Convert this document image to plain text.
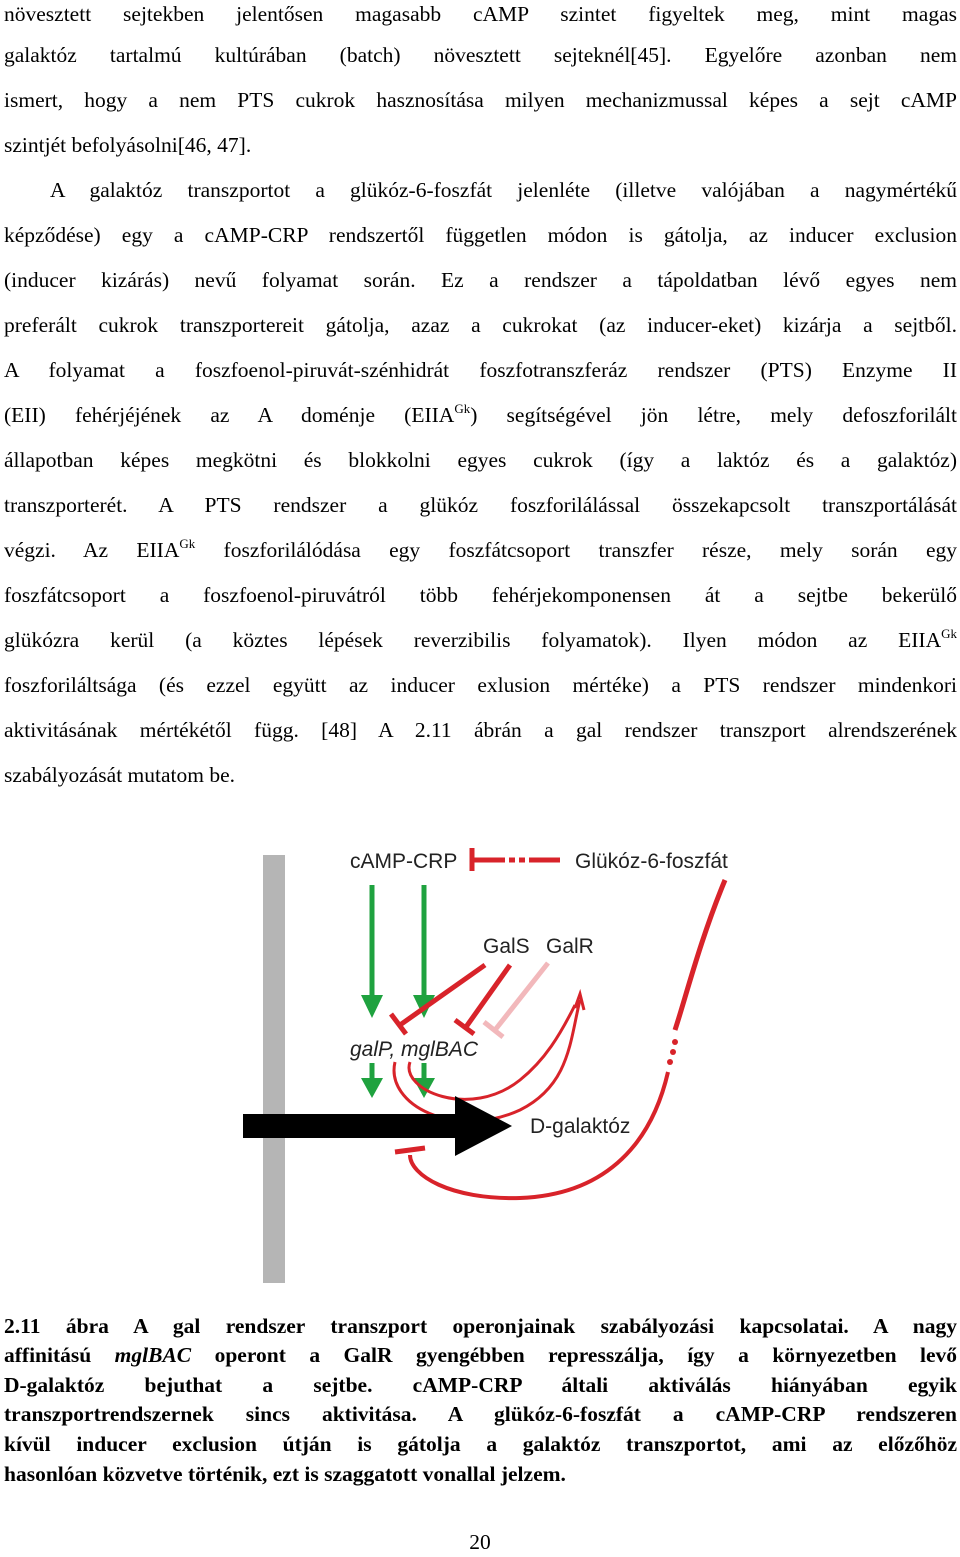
növesztett sejtekben jelentősen magasabb cAMP szintet figyeltek meg, mint magas
galaktóz tartalmú kultúrában (batch) növesztett sejteknél[45]. Egyelőre azonban nem
ismert, hogy a nem PTS cukrok hasznosítása milyen mechanizmussal képes a sejt cAMP
szintjét befolyásolni[46, 47].
A galaktóz transzportot a glükóz-6-foszfát jelenléte (illetve valójában a nagymértékű
képződése) egy a cAMP-CRP rendszertől független módon is gátolja, az inducer exclusion
(inducer kizárás) nevű folyamat során. Ez a rendszer a tápoldatban lévő egyes nem
preferált cukrok transzportereit gátolja, azaz a cukrokat (az inducer-eket) kizárja a sejtből.
A folyamat a foszfoenol-piruvát-szénhidrát foszfotranszferáz rendszer (PTS) Enzyme II
(EII) fehérjéjének az A doménje $(EIIA^{Gk})$ segítségével jön létre, mely defoszforilált
állapotban képes megkötni és blokkolni egyes cukrok (így a laktóz és a galaktóz)
transzporterét. A PTS rendszer a glükóz foszforilálással összekapcsolt transzportálását
végzi. Az $EIIA^{Gk}$ foszforilálódása egy foszfátcsoport transzfer része, mely során egy
foszfátcsoport a foszfoenol-piruvátról több fehérjekomponensen át a sejtbe bekerülő
glükózra kerül (a köztes lépések reverzibilis folyamatok). Ilyen módon az $EIIA^{Gk}$
foszforiláltsága (és ezzel együtt az inducer exlusion mértéke) a PTS rendszer mindenkori
aktivitásának mértékétől függ. [48] A 2.11 ábrán a gal rendszer transzport alrendszerének
szabályozását mutatom be.
cAMP-CRP	Glükóz-6-foszfát
GalS GalR
galP, mglBAC
D-galaktóz
2.11 ábra A gal rendszer transzport operonjainak szabályozási kapcsolatai. A nagy
affinitású mglBAC operont a GalR gyengébben represszálja, így a környezetben levő
D-galaktóz bejuthat a sejtbe. cAMP-CRP általi aktiválás hiányában egyik
transzportrendszernek sincs aktivitása. A glükóz-6-foszfát a cAMP-CRP rendszeren
kívül inducer exclusion útján is gátolja a galaktóz transzportot, ami az előzőhöz
hasonlóan közvetve történik, ezt is szaggatott vonallal jelzem.
20
